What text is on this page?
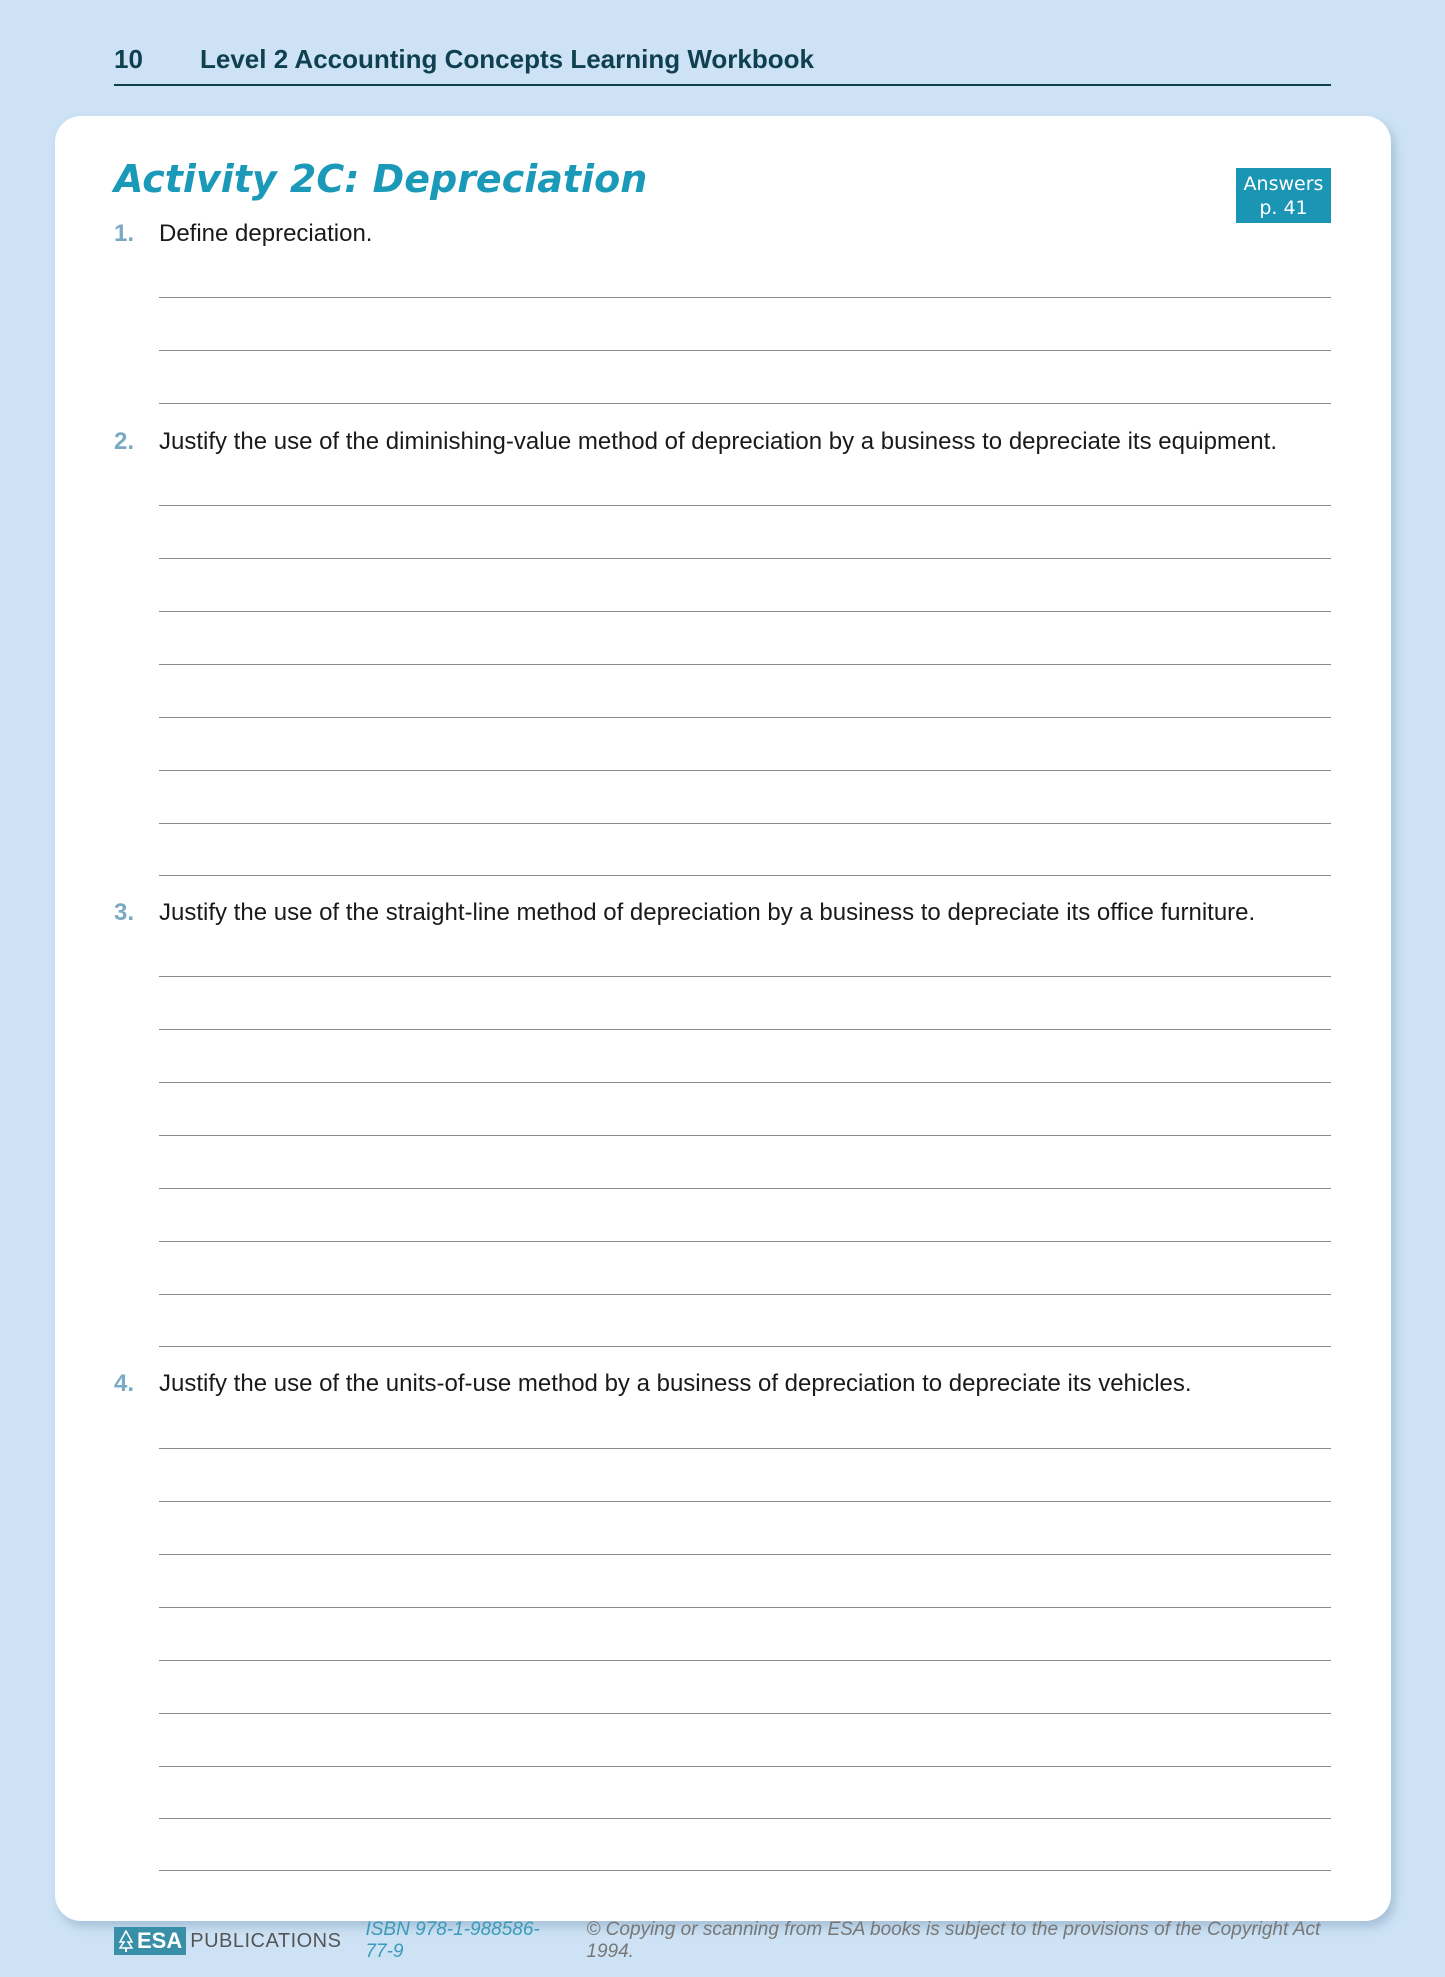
10	Level 2 Accounting Concepts Learning Workbook
Activity 2C: Depreciation	Answers
p. 41
1. Define depreciation.
2. Justify the use of the diminishing-value method of depreciation by a business to depreciate its equipment.
3. Justify the use of the straight-line method of depreciation by a business to depreciate its office furniture.
4. Justify the use of the units-of-use method by a business of depreciation to depreciate its vehicles.
ESA PUBLICATIONS ISBN 978-1-988586-77-9
© Copying or scanning from ESA books is subject to the provisions of the Copyright Act 1994.
